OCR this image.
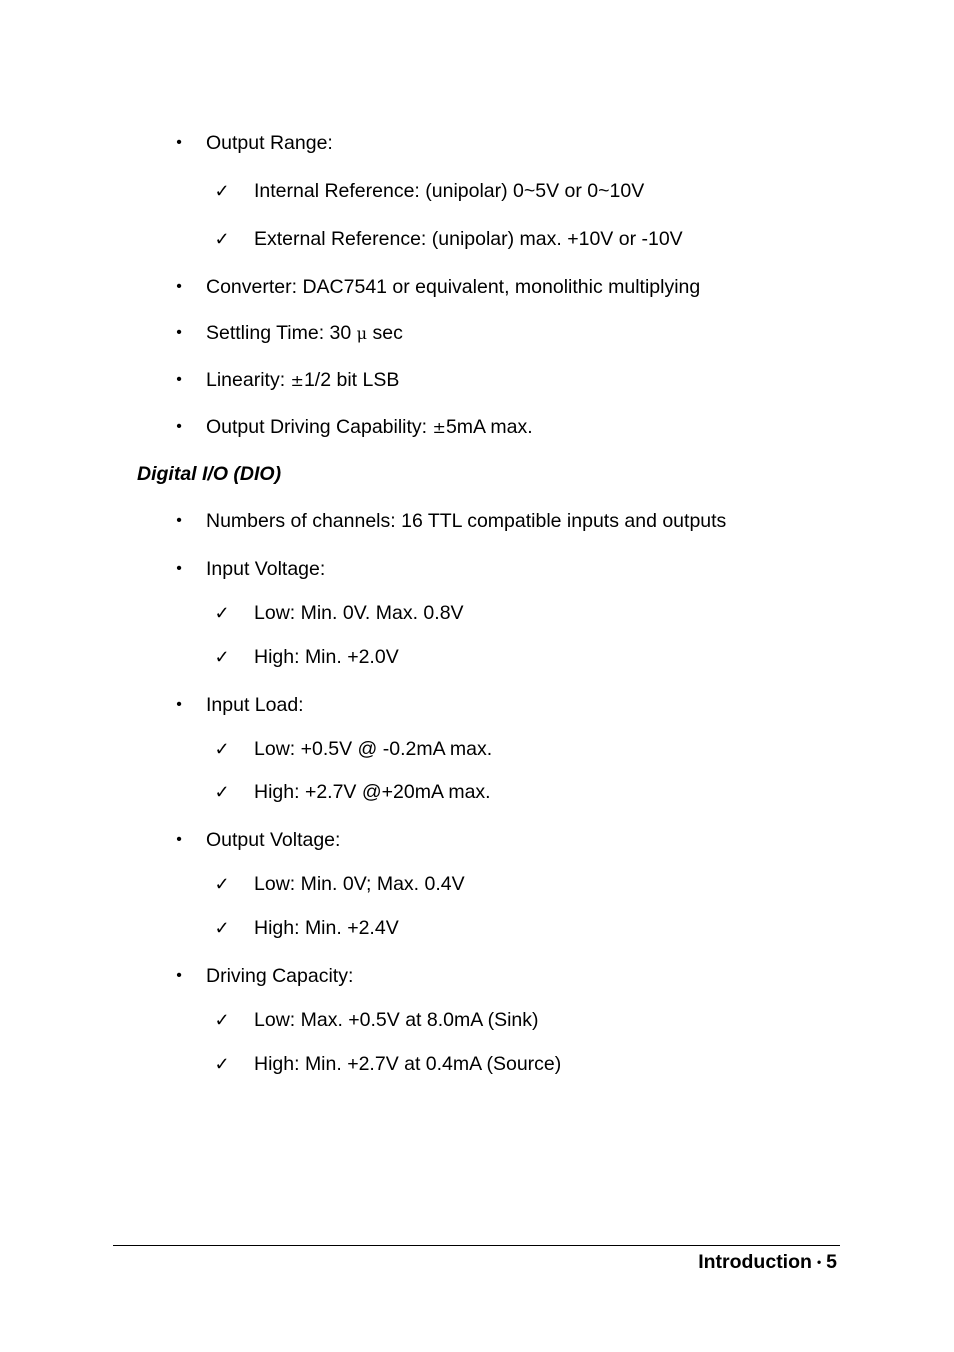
• Output Range:
✓ Internal Reference: (unipolar) 0~5V or 0~10V
✓ External Reference: (unipolar) max. +10V or -10V
• Converter: DAC7541 or equivalent, monolithic multiplying
• Settling Time: 30 μ sec
• Linearity: ±1/2 bit LSB
• Output Driving Capability: ±5mA max.
Digital I/O (DIO)
• Numbers of channels: 16 TTL compatible inputs and outputs
• Input Voltage:
✓ Low: Min. 0V. Max. 0.8V
✓ High: Min. +2.0V
• Input Load:
✓ Low: +0.5V @ -0.2mA max.
✓ High: +2.7V @+20mA max.
• Output Voltage:
✓ Low: Min. 0V; Max. 0.4V
✓ High: Min. +2.4V
• Driving Capacity:
✓ Low: Max. +0.5V at 8.0mA (Sink)
✓ High: Min. +2.7V at 0.4mA (Source)
Introduction • 5
